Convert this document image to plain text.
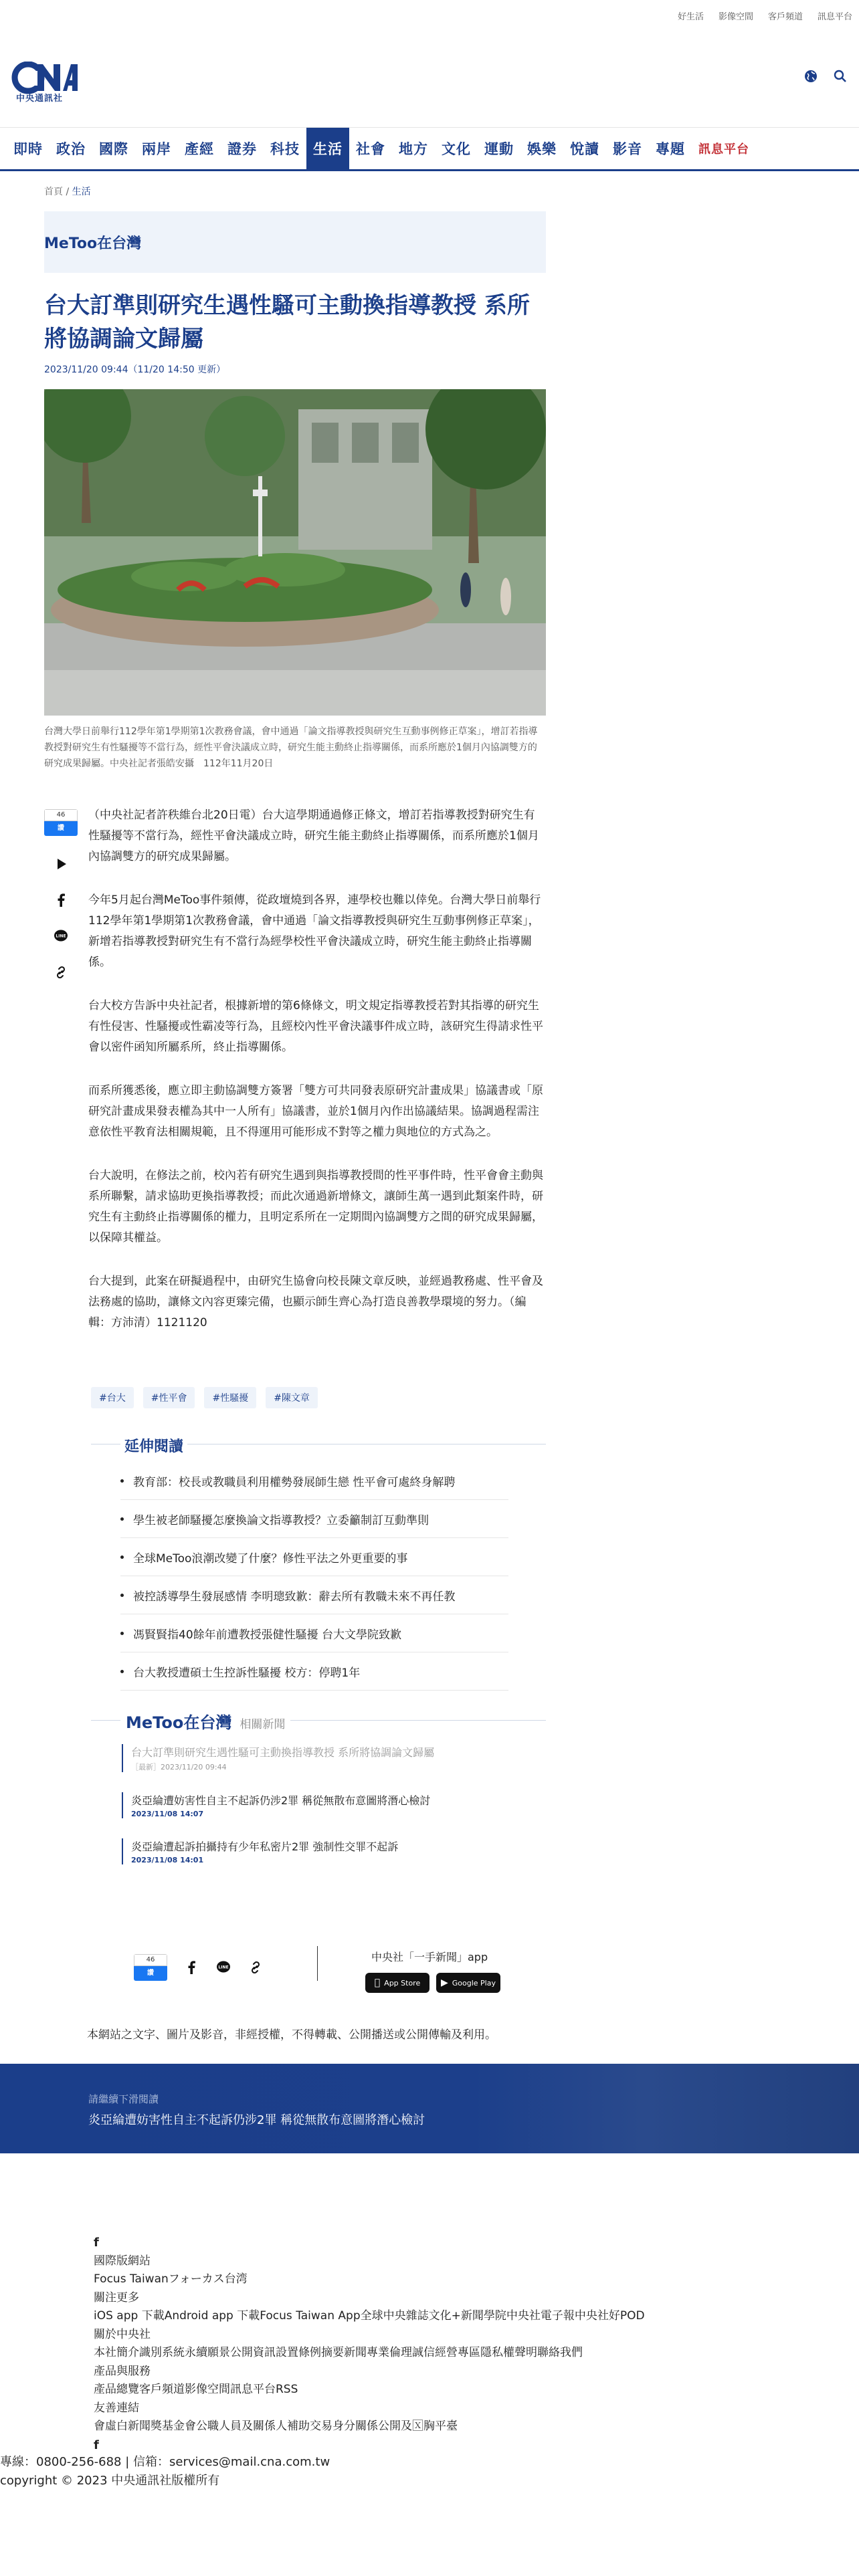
好生活 影像空間 客戶頻道 訊息平台
中央通訊社
即時 政治 國際 兩岸 產經 證券 科技 生活 社會 地方 文化 運動 娛樂 悅讀 影音 專題	訊息平台
首頁 / 生活
MeToo在台灣
台大訂準則研究生遇性騷可主動換指導教授 系所將協調論文歸屬
2023/11/20 09:44（11/20 14:50 更新）
台灣大學日前舉行112學年第1學期第1次教務會議，會中通過「論文指導教授與研究生互動事例修正草案」，增訂若指導教授對研究生有性騷擾等不當行為，經性平會決議成立時，研究生能主動終止指導關係，而系所應於1個月內協調雙方的研究成果歸屬。中央社記者張皓安攝　112年11月20日
46
讚
LINE

（中央社記者許秩維台北20日電）台大這學期通過修正條文，增訂若指導教授對研究生有性騷擾等不當行為，經性平會決議成立時，研究生能主動終止指導關係，而系所應於1個月內協調雙方的研究成果歸屬。

今年5月起台灣MeToo事件頻傳，從政壇燒到各界，連學校也難以倖免。台灣大學日前舉行112學年第1學期第1次教務會議，會中通過「論文指導教授與研究生互動事例修正草案」，新增若指導教授對研究生有不當行為經學校性平會決議成立時，研究生能主動終止指導關係。

台大校方告訴中央社記者，根據新增的第6條條文，明文規定指導教授若對其指導的研究生有性侵害、性騷擾或性霸凌等行為，且經校內性平會決議事件成立時，該研究生得請求性平會以密件函知所屬系所，終止指導關係。

而系所獲悉後，應立即主動協調雙方簽署「雙方可共同發表原研究計畫成果」協議書或「原研究計畫成果發表權為其中一人所有」協議書，並於1個月內作出協議結果。協調過程需注意依性平教育法相關規範，且不得運用可能形成不對等之權力與地位的方式為之。

台大說明，在修法之前，校內若有研究生遇到與指導教授間的性平事件時，性平會會主動與系所聯繫，請求協助更換指導教授；而此次通過新增條文，讓師生萬一遇到此類案件時，研究生有主動終止指導關係的權力，且明定系所在一定期間內協調雙方之間的研究成果歸屬，以保障其權益。

台大提到，此案在研擬過程中，由研究生協會向校長陳文章反映，並經過教務處、性平會及法務處的協助，讓條文內容更臻完備，也顯示師生齊心為打造良善教學環境的努力。（編輯：方沛清）1121120

#台大	#性平會	#性騷擾	#陳文章
延伸閱讀
教育部：校長或教職員利用權勢發展師生戀 性平會可處終身解聘
學生被老師騷擾怎麼換論文指導教授？立委籲制訂互動準則
全球MeToo浪潮改變了什麼？修性平法之外更重要的事
被控誘導學生發展感情 李明璁致歉：辭去所有教職未來不再任教
馮賢賢指40餘年前遭教授張健性騷擾 台大文學院致歉
台大教授遭碩士生控訴性騷擾 校方：停聘1年
MeToo在台灣 相關新聞
台大訂準則研究生遇性騷可主動換指導教授 系所將協調論文歸屬
［最新］2023/11/20 09:44
炎亞綸遭妨害性自主不起訴仍涉2罪 稱從無散布意圖將潛心檢討
2023/11/08 14:07
炎亞綸遭起訴拍攝持有少年私密片2罪 強制性交罪不起訴
2023/11/08 14:01
46
讚
LINE
中央社「一手新聞」app
App Store ▶ Google Play
本網站之文字、圖片及影音，非經授權，不得轉載、公開播送或公開傳輸及利用。
請繼續下滑閱讀
炎亞綸遭妨害性自主不起訴仍涉2罪 稱從無散布意圖將潛心檢討
f
國際版網站
Focus Taiwanフォーカス台湾
關注更多
iOS app 下載Android app 下載Focus Taiwan App全球中央雜誌文化+新聞學院中央社電子報中央社好POD
關於中央社
本社簡介識別系統永續願景公開資訊設置條例摘要新聞專業倫理誠信經營專區隱私權聲明聯絡我們
產品與服務
產品總覽客戶頻道影像空間訊息平台RSS
友善連結
會虛白新聞獎基金會公職人員及關係人補助交易身分關係公開及🅇胸平臺
f
專線：0800-256-688 | 信箱：services@mail.cna.com.tw
copyright © 2023 中央通訊社版權所有
